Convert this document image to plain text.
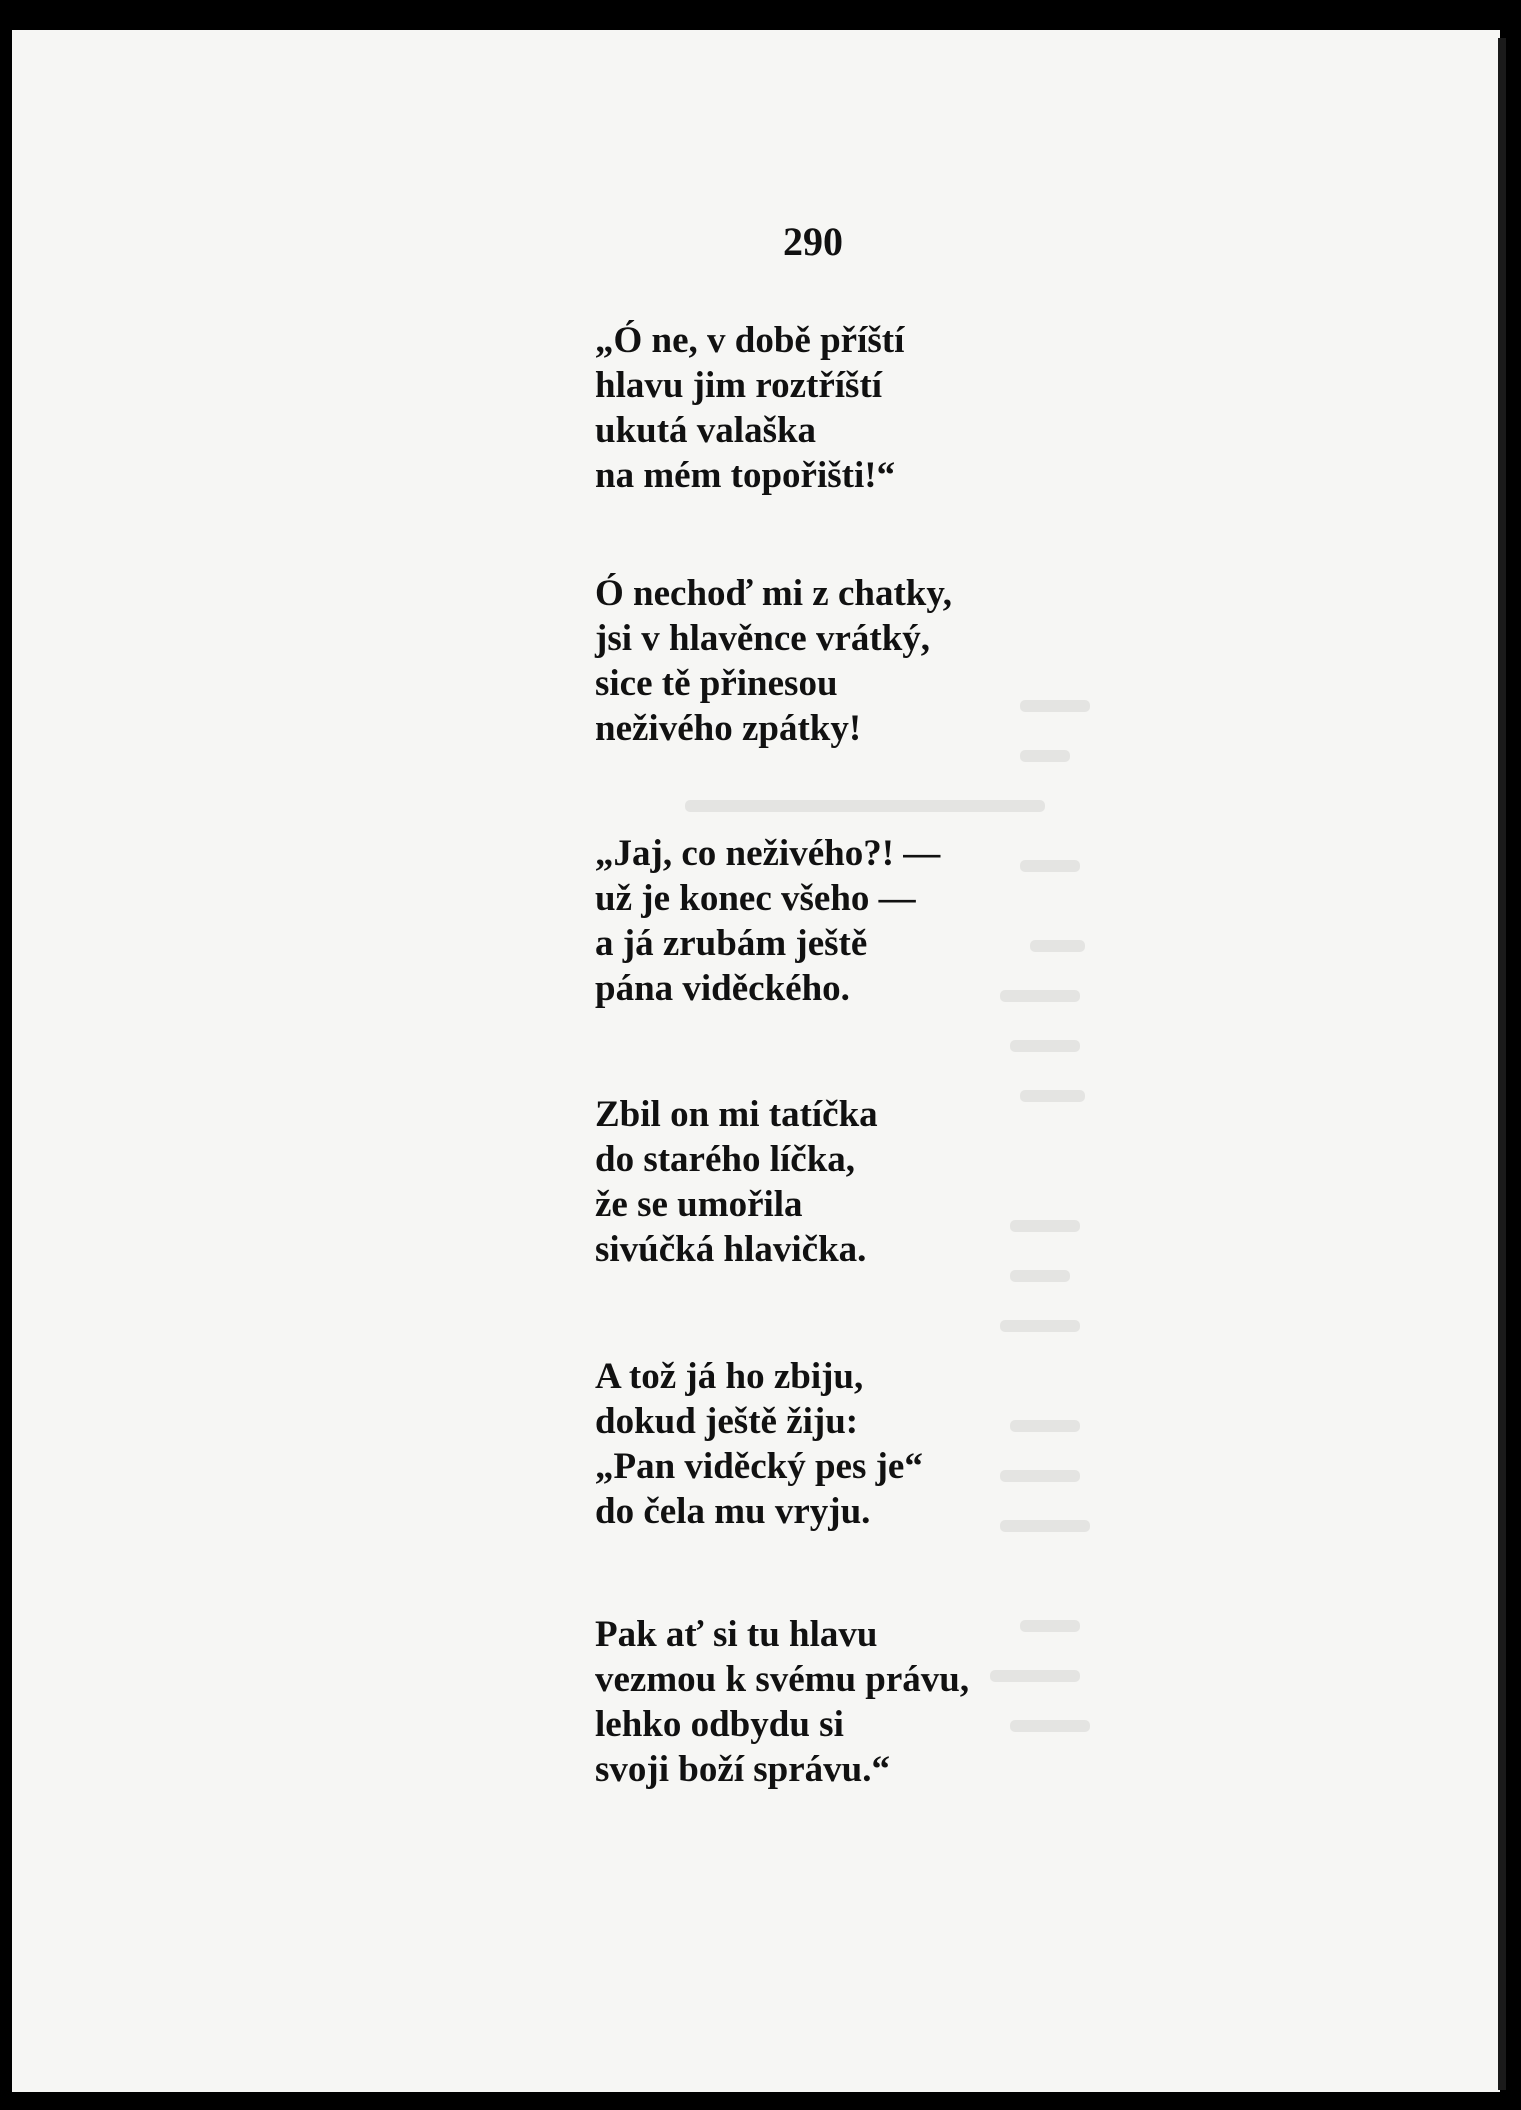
290
„Ó ne, v době příští
hlavu jim roztříští
ukutá valaška
na mém topořišti!“
Ó nechoď mi z chatky,
jsi v hlavěnce vrátký,
sice tě přinesou
neživého zpátky!
„Jaj, co neživého?! —
už je konec všeho —
a já zrubám ještě
pána viděckého.
Zbil on mi tatíčka
do starého líčka,
že se umořila
sivúčká hlavička.
A tož já ho zbiju,
dokud ještě žiju:
„Pan viděcký pes je“
do čela mu vryju.
Pak ať si tu hlavu
vezmou k svému právu,
lehko odbydu si
svoji boží správu.“
